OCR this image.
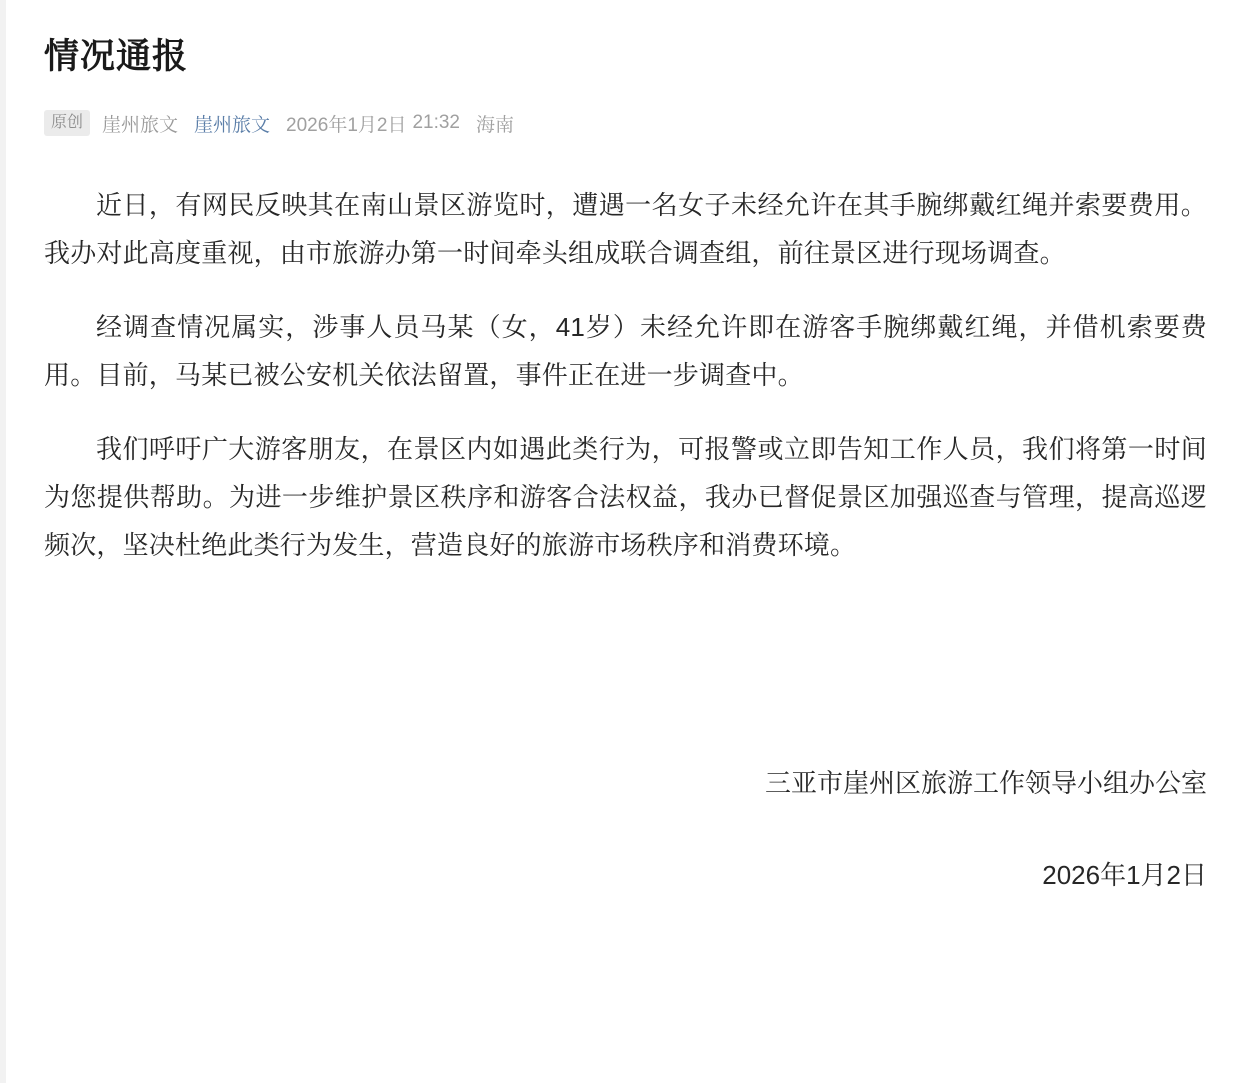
情况通报
原创	崖州旅文 崖州旅文 2026年1月2日 21:32 海南

近日，有网民反映其在南山景区游览时，遭遇一名女子未经允许在其手腕绑戴红绳并索要费用。我办对此高度重视，由市旅游办第一时间牵头组成联合调查组，前往景区进行现场调查。

经调查情况属实，涉事人员马某（女，41岁）未经允许即在游客手腕绑戴红绳，并借机索要费用。目前，马某已被公安机关依法留置，事件正在进一步调查中。

我们呼吁广大游客朋友，在景区内如遇此类行为，可报警或立即告知工作人员，我们将第一时间为您提供帮助。为进一步维护景区秩序和游客合法权益，我办已督促景区加强巡查与管理，提高巡逻频次，坚决杜绝此类行为发生，营造良好的旅游市场秩序和消费环境。

三亚市崖州区旅游工作领导小组办公室
2026年1月2日
